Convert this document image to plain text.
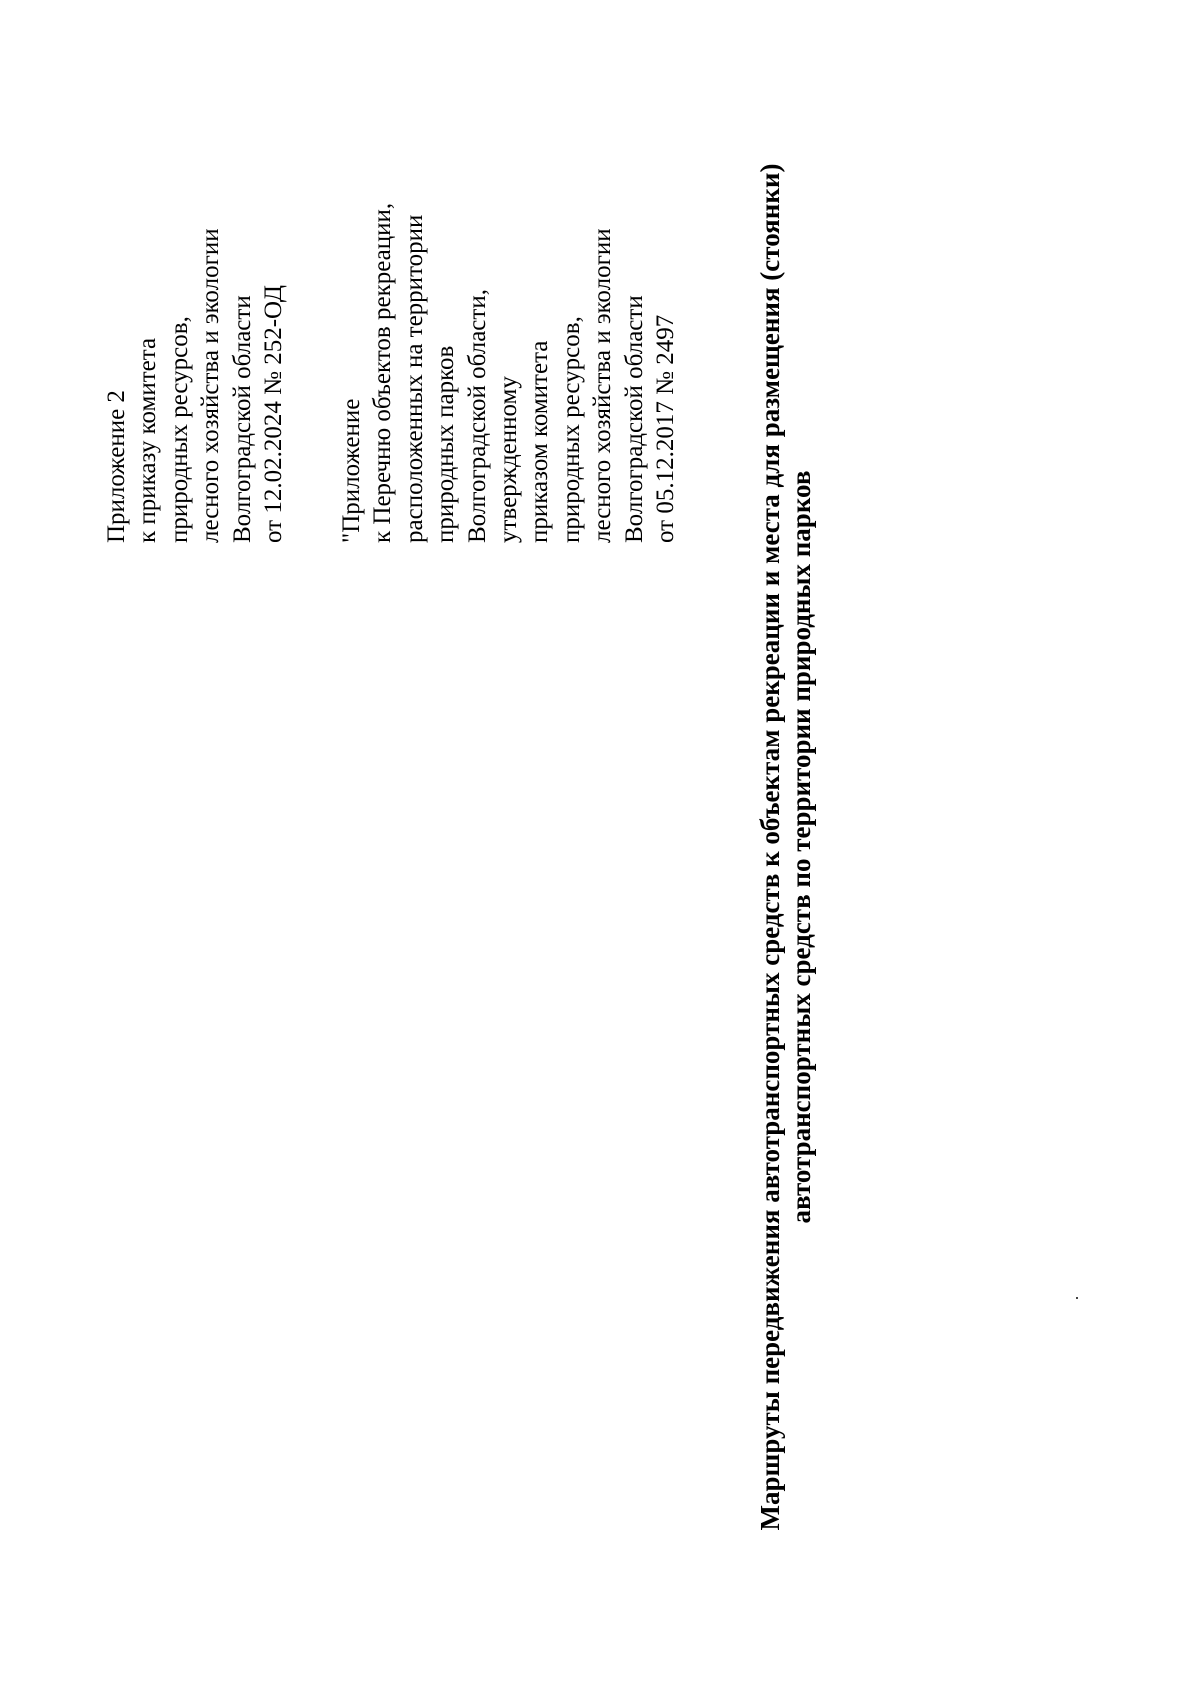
Приложение 2 к приказу комитета природных ресурсов, лесного хозяйства и экологии Волгоградской области от 12.02.2024 № 252-ОД "Приложение к Перечню объектов рекреации, расположенных на территории природных парков Волгоградской области, утвержденному приказом комитета природных ресурсов, лесного хозяйства и экологии Волгоградской области от 05.12.2017 № 2497	Маршруты передвижения автотранспортных средств к объектам рекреации и места для размещения (стоянки) автотранспортных средств по территории природных парков
